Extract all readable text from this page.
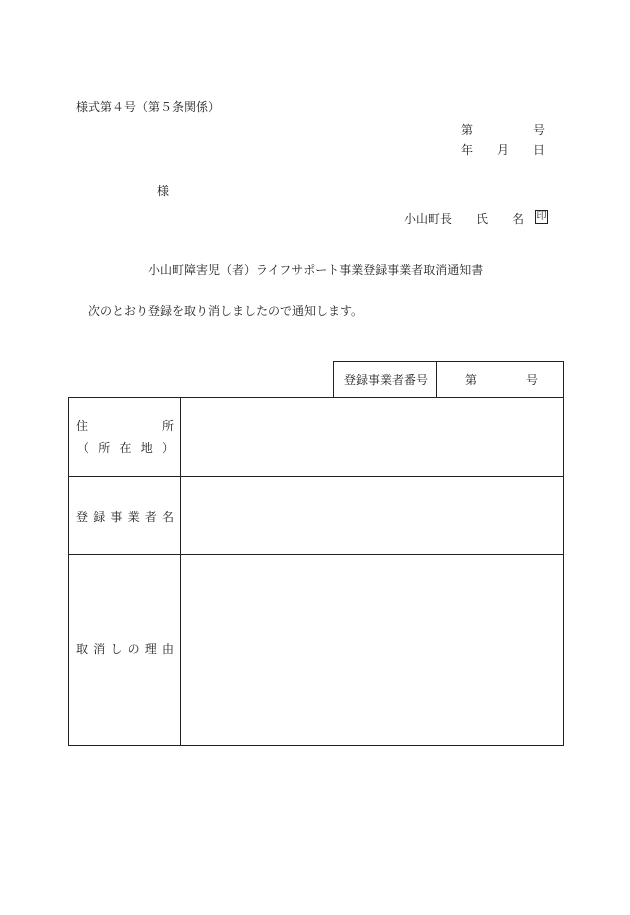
様式第４号（第５条関係）
第	号
年 月 日
様
小山町長 氏 名 印
小山町障害児（者）ライフサポート事業登録事業者取消通知書
次のとおり登録を取り消しましたので通知します。
登録事業者番号	第	号
住	所
（ 所 在 地 ）
登 録 事 業 者 名
取 消 し の 理 由
